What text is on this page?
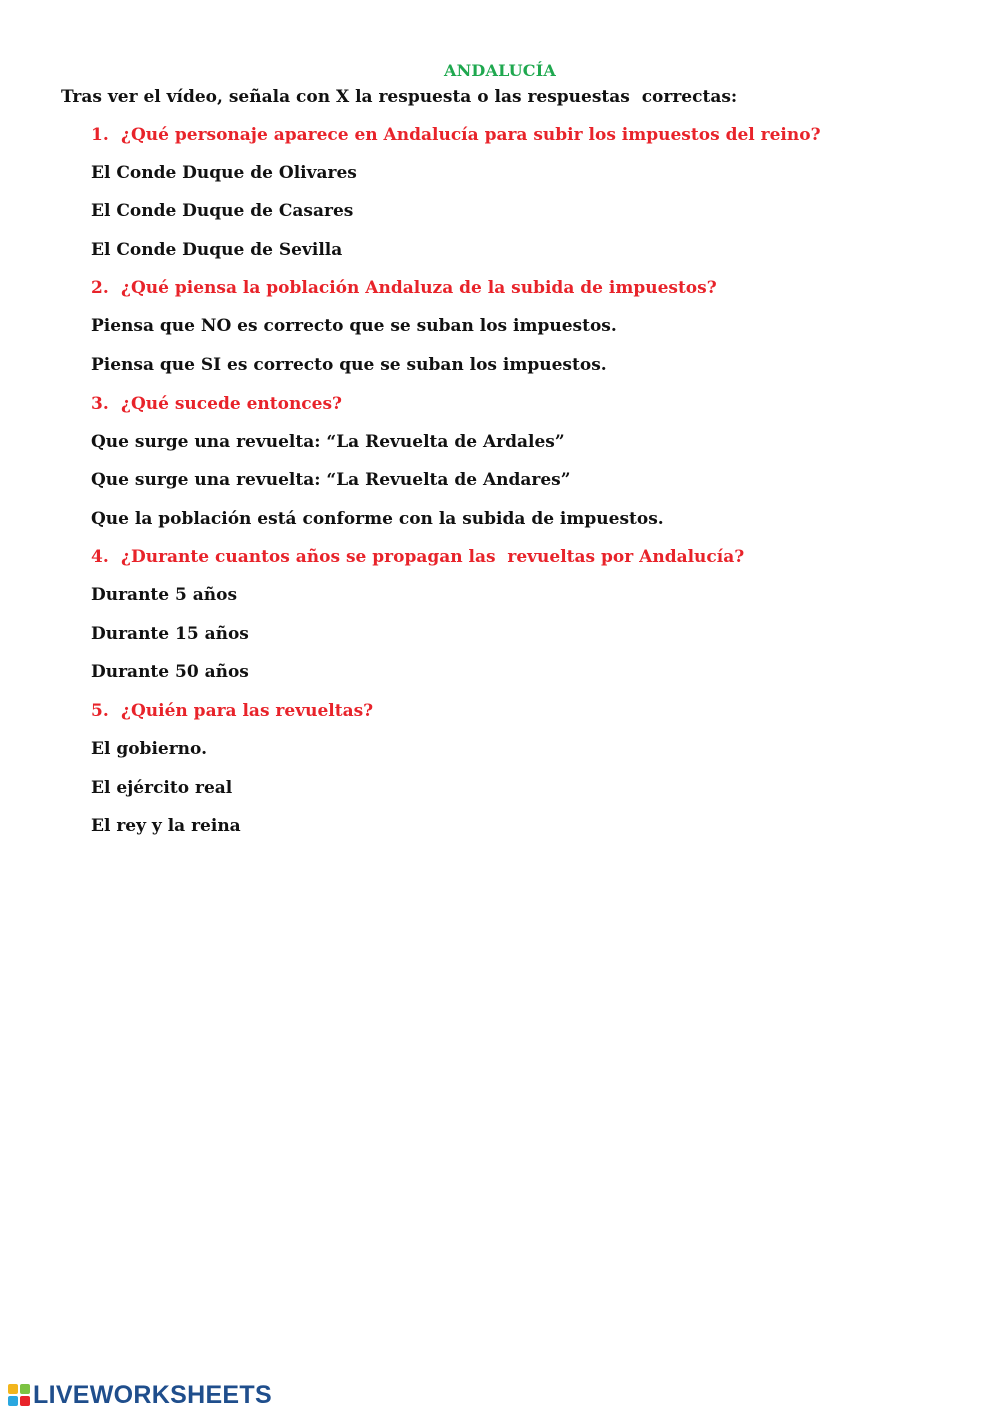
ANDALUCÍA
Tras ver el vídeo, señala con X la respuesta o las respuestas  correctas:
1. ¿Qué personaje aparece en Andalucía para subir los impuestos del reino?
El Conde Duque de Olivares
El Conde Duque de Casares
El Conde Duque de Sevilla
2. ¿Qué piensa la población Andaluza de la subida de impuestos?
Piensa que NO es correcto que se suban los impuestos.
Piensa que SI es correcto que se suban los impuestos.
3. ¿Qué sucede entonces?
Que surge una revuelta: “La Revuelta de Ardales”
Que surge una revuelta: “La Revuelta de Andares”
Que la población está conforme con la subida de impuestos.
4. ¿Durante cuantos años se propagan las  revueltas por Andalucía?
Durante 5 años
Durante 15 años
Durante 50 años
5. ¿Quién para las revueltas?
El gobierno.
El ejército real
El rey y la reina
LIVEWORKSHEETS
